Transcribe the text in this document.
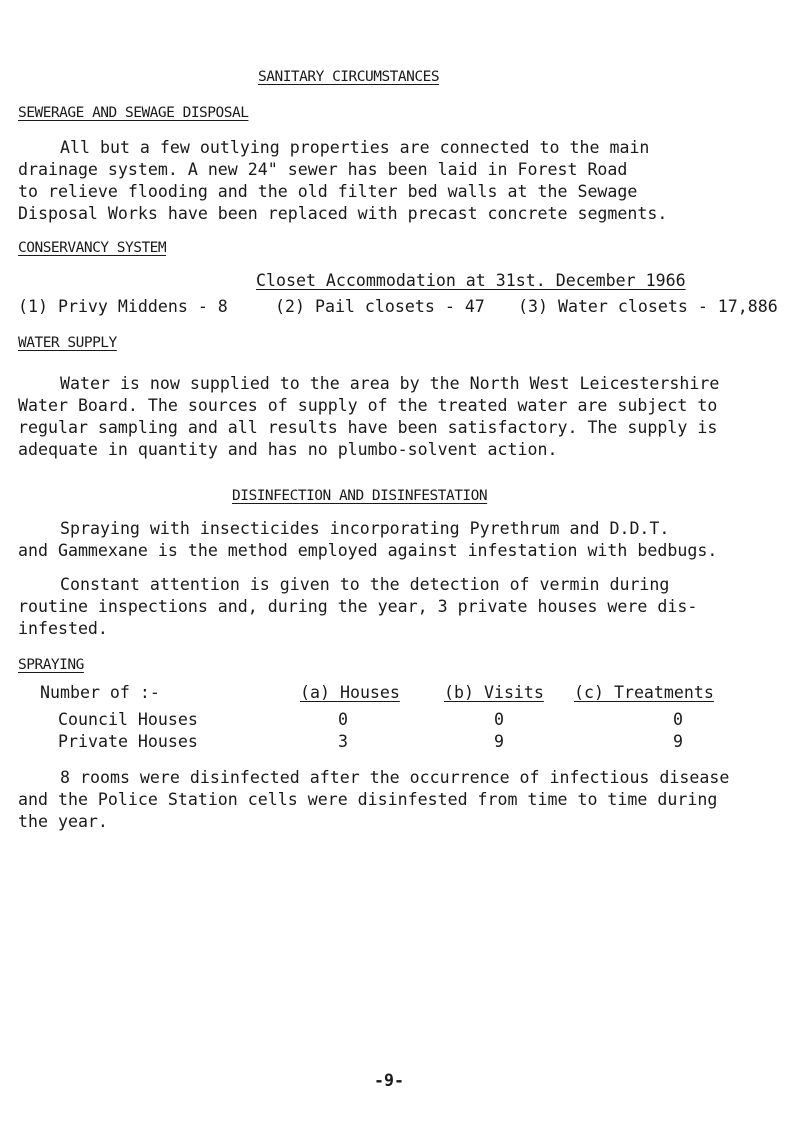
SANITARY CIRCUMSTANCES
SEWERAGE AND SEWAGE DISPOSAL
All but a few outlying properties are connected to the main
drainage system. A new 24" sewer has been laid in Forest Road
to relieve flooding and the old filter bed walls at the Sewage
Disposal Works have been replaced with precast concrete segments.
CONSERVANCY SYSTEM
Closet Accommodation at 31st. December 1966
(1) Privy Middens - 8	(2) Pail closets - 47 (3) Water closets - 17,886
WATER SUPPLY
Water is now supplied to the area by the North West Leicestershire
Water Board. The sources of supply of the treated water are subject to
regular sampling and all results have been satisfactory. The supply is
adequate in quantity and has no plumbo-solvent action.
DISINFECTION AND DISINFESTATION
Spraying with insecticides incorporating Pyrethrum and D.D.T.
and Gammexane is the method employed against infestation with bedbugs.
Constant attention is given to the detection of vermin during
routine inspections and, during the year, 3 private houses were dis-
infested.
SPRAYING
Number of :-	(a) Houses	(b) Visits (c) Treatments
Council Houses	0	0	0
Private Houses	3	9	9
8 rooms were disinfected after the occurrence of infectious disease
and the Police Station cells were disinfested from time to time during
the year.
-9-
